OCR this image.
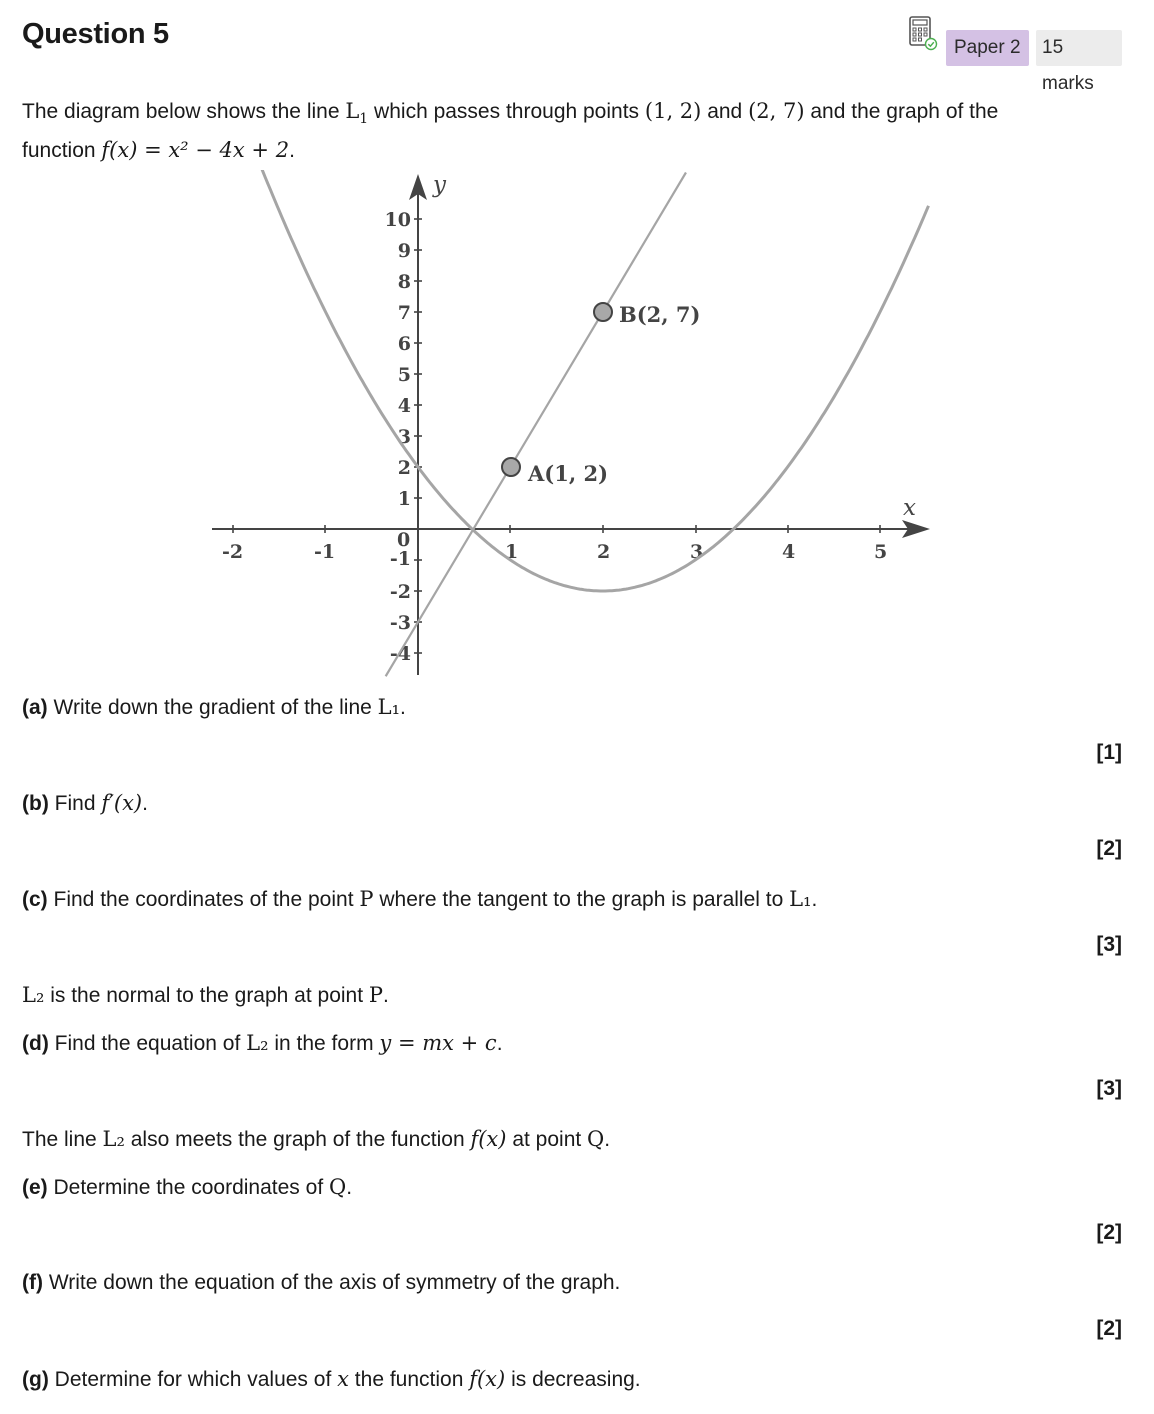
Question 5	Paper 2	15 marks
The diagram below shows the line $L_1$ which passes through points (1, 2) and (2, 7) and the graph of the
function f(x) = x² − 4x + 2.
x
y
-2	-1
0
1	2	3	4	5
10
9
8
7
6
5
4
3
2
1
-1
-2
-3
-4
A(1, 2)
B(2, 7)
(a) Write down the gradient of the line L₁.
[1]
(b) Find f′(x).
[2]
(c) Find the coordinates of the point P where the tangent to the graph is parallel to L₁.
[3]
L₂ is the normal to the graph at point P.
(d) Find the equation of L₂ in the form y = mx + c.
[3]
The line L₂ also meets the graph of the function f(x) at point Q.
(e) Determine the coordinates of Q.
[2]
(f) Write down the equation of the axis of symmetry of the graph.
[2]
(g) Determine for which values of x the function f(x) is decreasing.
